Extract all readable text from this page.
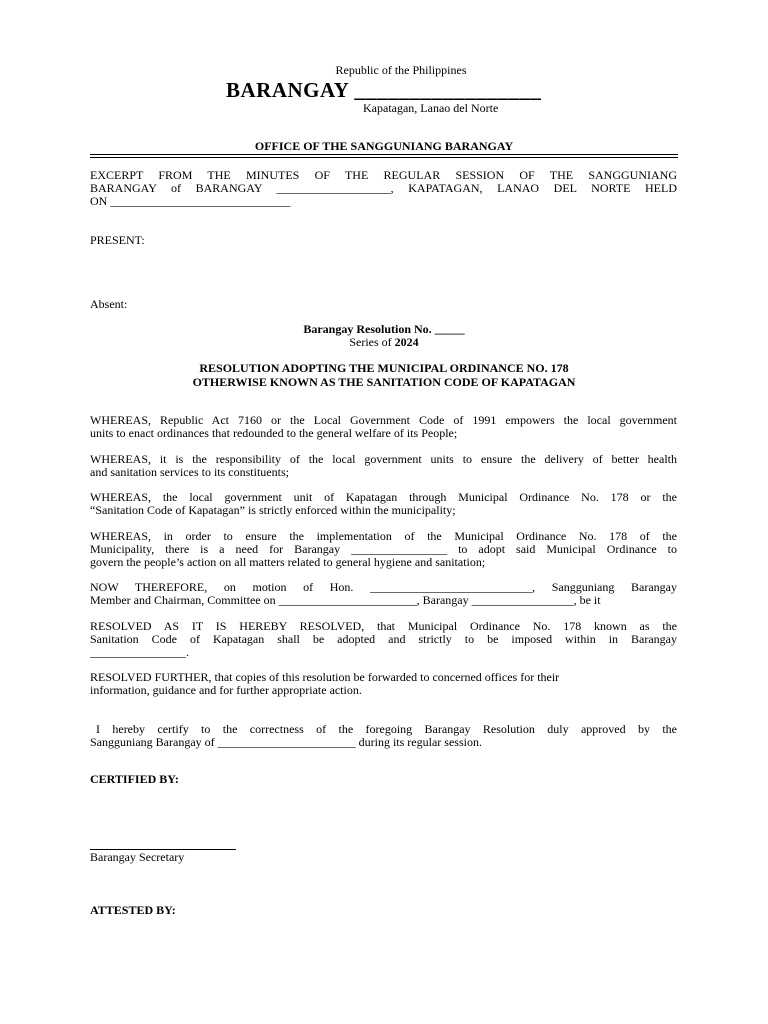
Republic of the Philippines
BARANGAY _________________
Kapatagan, Lanao del Norte
OFFICE OF THE SANGGUNIANG BARANGAY
EXCERPT FROM THE MINUTES OF THE REGULAR SESSION OF THE SANGGUNIANG
BARANGAY of BARANGAY ___________________, KAPATAGAN, LANAO DEL NORTE HELD
ON ______________________________
PRESENT:
Absent:
Barangay Resolution No. _____
Series of 2024
RESOLUTION ADOPTING THE MUNICIPAL ORDINANCE NO. 178
OTHERWISE KNOWN AS THE SANITATION CODE OF KAPATAGAN
WHEREAS, Republic Act 7160 or the Local Government Code of 1991 empowers the local government
units to enact ordinances that redounded to the general welfare of its People;
WHEREAS, it is the responsibility of the local government units to ensure the delivery of better health
and sanitation services to its constituents;
WHEREAS, the local government unit of Kapatagan through Municipal Ordinance No. 178 or the
“Sanitation Code of Kapatagan” is strictly enforced within the municipality;
WHEREAS, in order to ensure the implementation of the Municipal Ordinance No. 178 of the
Municipality, there is a need for Barangay ________________ to adopt said Municipal Ordinance to
govern the people’s action on all matters related to general hygiene and sanitation;
NOW THEREFORE, on motion of Hon. ___________________________, Sangguniang Barangay
Member and Chairman, Committee on _______________________, Barangay _________________, be it
RESOLVED AS IT IS HEREBY RESOLVED, that Municipal Ordinance No. 178 known as the
Sanitation Code of Kapatagan shall be adopted and strictly to be imposed within in Barangay
________________.
RESOLVED FURTHER, that copies of this resolution be forwarded to concerned offices for their
information, guidance and for further appropriate action.
I hereby certify to the correctness of the foregoing Barangay Resolution duly approved by the
Sangguniang Barangay of _______________________ during its regular session.
CERTIFIED BY:
Barangay Secretary
ATTESTED BY:
